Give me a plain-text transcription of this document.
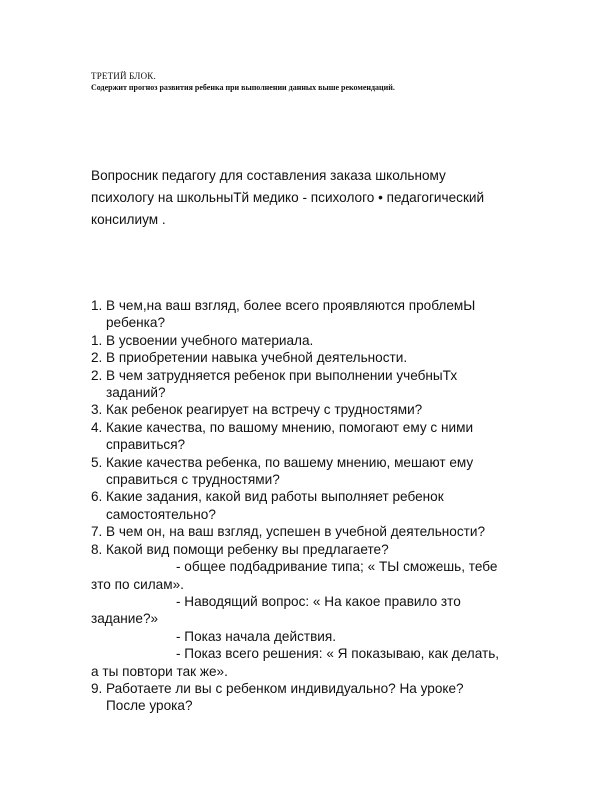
ТРЕТИЙ БЛОК.

Содержит прогноз развития ребенка при выполнении данных выше рекомендаций.

Вопросник педагогу для составления заказа школьному
психологу на школьныТй медико - психолого • педагогический
консилиум .
1. В чем,на ваш взгляд, более всего проявляются проблемЫ
ребенка?
1. В усвоении учебного материала.
2. В приобретении навыка учебной деятельности.
2. В чем затрудняется ребенок при выполнении учебныТх
заданий?
3. Как ребенок реагирует на встречу с трудностями?
4. Какие качества, по вашому мнению, помогают ему с ними
справиться?
5. Какие качества ребенка, по вашему мнению, мешают ему
справиться с трудностями?
6. Какие задания, какой вид работы выполняет ребенок
самостоятельно?
7. В чем он, на ваш взгляд, успешен в учебной деятельности?
8. Какой вид помощи ребенку вы предлагаете?
- общее подбадривание типа; « ТЫ сможешь, тебе
зто по силам».
- Наводящий вопрос: « На какое правило зто
задание?»
- Показ начала действия.
- Показ всего решения: « Я показываю, как делать,
а ты повтори так же».
9. Работаете ли вы с ребенком индивидуально? На уроке?
После урока?
